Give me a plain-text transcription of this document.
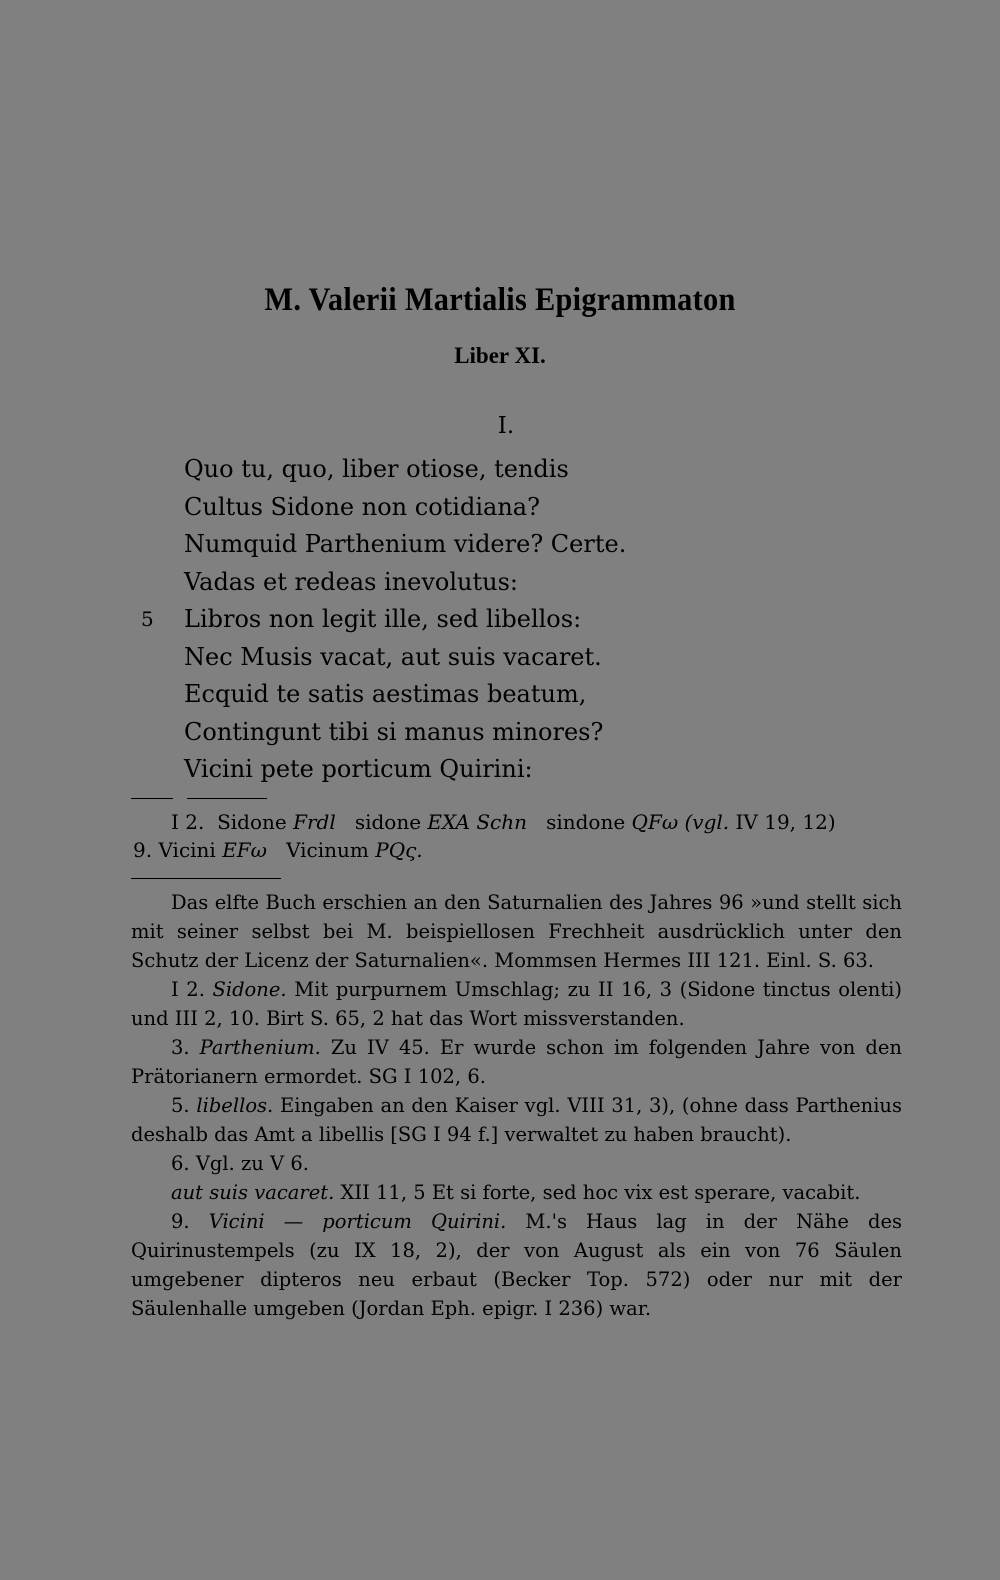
M. Valerii Martialis Epigrammaton
Liber XI.
I.
Quo tu, quo, liber otiose, tendis
Cultus Sidone non cotidiana?
Numquid Parthenium videre? Certe.
Vadas et redeas inevolutus:
5 Libros non legit ille, sed libellos:
Nec Musis vacat, aut suis vacaret.
Ecquid te satis aestimas beatum,
Contingunt tibi si manus minores?
Vicini pete porticum Quirini:
I 2. Sidone Frdl sidone EXA Schn sindone QFω (vgl. IV 19, 12)
9. Vicini EFω Vicinum PQς.

Das elfte Buch erschien an den Saturnalien des Jahres 96 »und stellt sich mit seiner selbst bei M. beispiellosen Frechheit ausdrücklich unter den Schutz der Licenz der Saturnalien«. Mommsen Hermes III 121. Einl. S. 63.

I 2. Sidone. Mit purpurnem Umschlag; zu II 16, 3 (Sidone tinctus olenti) und III 2, 10. Birt S. 65, 2 hat das Wort missverstanden.

3. Parthenium. Zu IV 45. Er wurde schon im folgenden Jahre von den Prätorianern ermordet. SG I 102, 6.

5. libellos. Eingaben an den Kaiser vgl. VIII 31, 3), (ohne dass Parthenius deshalb das Amt a libellis [SG I 94 f.] verwaltet zu haben braucht).

6. Vgl. zu V 6.

aut suis vacaret. XII 11, 5 Et si forte, sed hoc vix est sperare, vacabit.

9. Vicini — porticum Quirini. M.'s Haus lag in der Nähe des Quirinustempels (zu IX 18, 2), der von August als ein von 76 Säulen umgebener dipteros neu erbaut (Becker Top. 572) oder nur mit der Säulenhalle umgeben (Jordan Eph. epigr. I 236) war.
